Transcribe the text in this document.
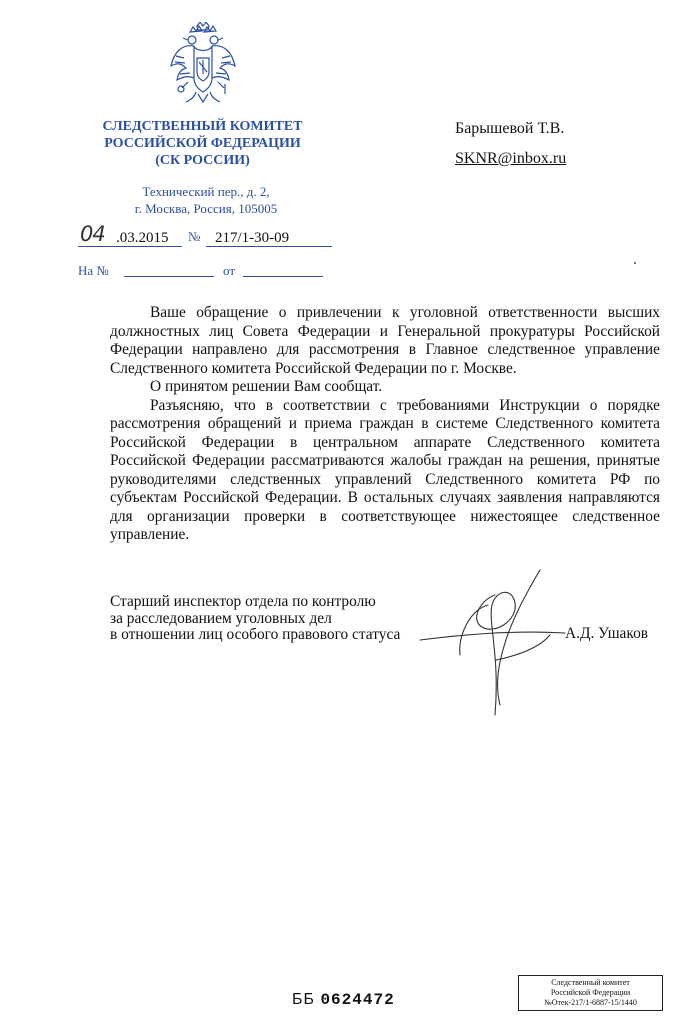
СЛЕДСТВЕННЫЙ КОМИТЕТ
РОССИЙСКОЙ ФЕДЕРАЦИИ
(СК РОССИИ)
Технический пер., д. 2,
г. Москва, Россия, 105005
04 .03.2015 № 217/1-30-09
На №	от
Барышевой Т.В.
SKNR@inbox.ru

Ваше обращение о привлечении к уголовной ответственности высших должностных лиц Совета Федерации и Генеральной прокуратуры Российской Федерации направлено для рассмотрения в Главное следственное управление Следственного комитета Российской Федерации по г. Москве.

О принятом решении Вам сообщат.

Разъясняю, что в соответствии с требованиями Инструкции о порядке рассмотрения обращений и приема граждан в системе Следственного комитета Российской Федерации в центральном аппарате Следственного комитета Российской Федерации рассматриваются жалобы граждан на решения, принятые руководителями следственных управлений Следственного комитета РФ по субъектам Российской Федерации. В остальных случаях заявления направляются для организации проверки в соответствующее нижестоящее следственное управление.

Старший инспектор отдела по контролю
за расследованием уголовных дел
в отношении лиц особого правового статуса	А.Д. Ушаков
Следственный комитет
Российской Федерации
№Отек-217/1-6887-15/1440
ББ 0624472
